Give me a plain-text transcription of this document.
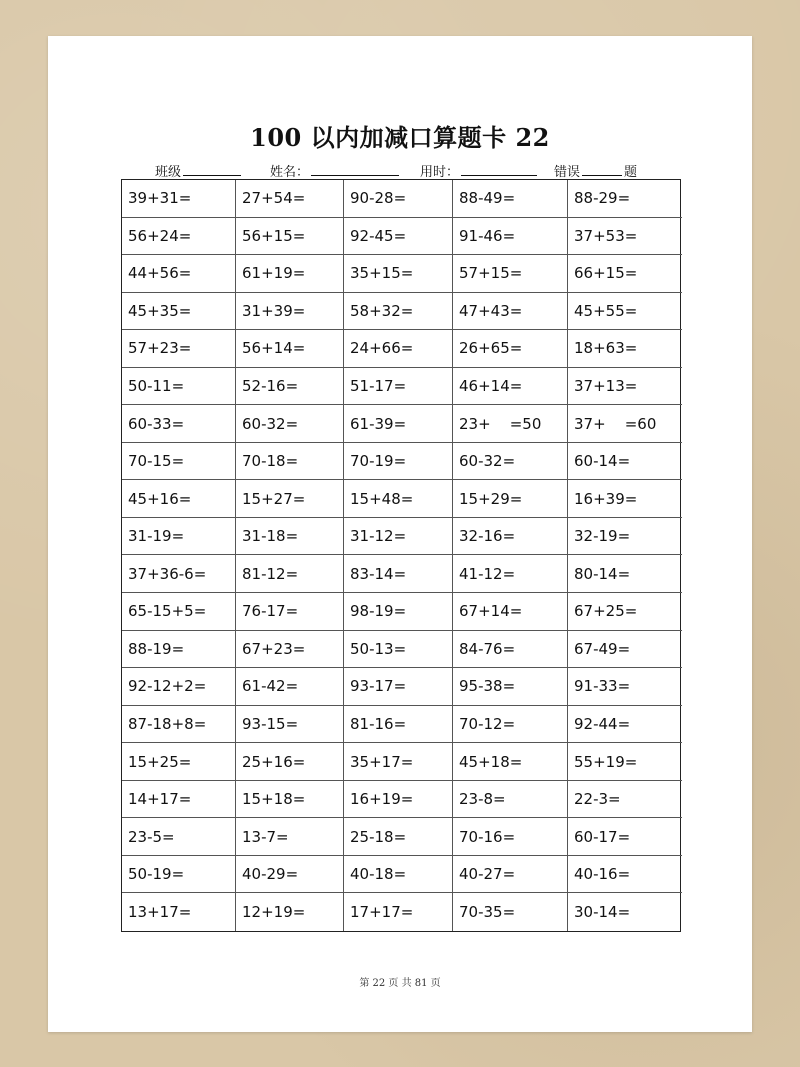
100 以内加减口算题卡 22
班级	姓名：	用时：	错误	题
39+31=	27+54=	90-28=	88-49=	88-29=
56+24=	56+15=	92-45=	91-46=	37+53=
44+56=	61+19=	35+15=	57+15=	66+15=
45+35=	31+39=	58+32=	47+43=	45+55=
57+23=	56+14=	24+66=	26+65=	18+63=
50-11=	52-16=	51-17=	46+14=	37+13=
60-33=	60-32=	61-39=	23+    =50	37+    =60
70-15=	70-18=	70-19=	60-32=	60-14=
45+16=	15+27=	15+48=	15+29=	16+39=
31-19=	31-18=	31-12=	32-16=	32-19=
37+36-6=	81-12=	83-14=	41-12=	80-14=
65-15+5=	76-17=	98-19=	67+14=	67+25=
88-19=	67+23=	50-13=	84-76=	67-49=
92-12+2=	61-42=	93-17=	95-38=	91-33=
87-18+8=	93-15=	81-16=	70-12=	92-44=
15+25=	25+16=	35+17=	45+18=	55+19=
14+17=	15+18=	16+19=	23-8=	22-3=
23-5=	13-7=	25-18=	70-16=	60-17=
50-19=	40-29=	40-18=	40-27=	40-16=
13+17=	12+19=	17+17=	70-35=	30-14=
第 22 页 共 81 页
